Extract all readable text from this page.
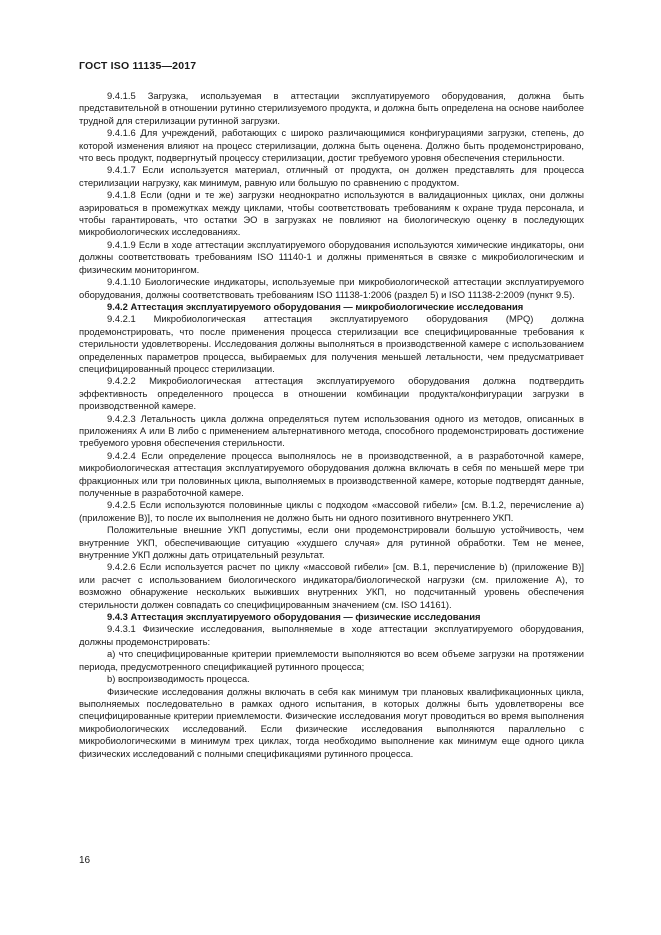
ГОСТ ISO 11135—2017

9.4.1.5 Загрузка, используемая в аттестации эксплуатируемого оборудования, должна быть представительной в отношении рутинно стерилизуемого продукта, и должна быть определена на основе наиболее трудной для стерилизации рутинной загрузки.

9.4.1.6 Для учреждений, работающих с широко различающимися конфигурациями загрузки, степень, до которой изменения влияют на процесс стерилизации, должна быть оценена. Должно быть продемонстрировано, что весь продукт, подвергнутый процессу стерилизации, достиг требуемого уровня обеспечения стерильности.

9.4.1.7 Если используется материал, отличный от продукта, он должен представлять для процесса стерилизации нагрузку, как минимум, равную или большую по сравнению с продуктом.

9.4.1.8 Если (одни и те же) загрузки неоднократно используются в валидационных циклах, они должны аэрироваться в промежутках между циклами, чтобы соответствовать требованиям к охране труда персонала, и чтобы гарантировать, что остатки ЭО в загрузках не повлияют на биологическую оценку в последующих микробиологических исследованиях.

9.4.1.9 Если в ходе аттестации эксплуатируемого оборудования используются химические индикаторы, они должны соответствовать требованиям ISO 11140-1 и должны применяться в связке с микробиологическим и физическим мониторингом.

9.4.1.10 Биологические индикаторы, используемые при микробиологической аттестации эксплуатируемого оборудования, должны соответствовать требованиям ISO 11138-1:2006 (раздел 5) и ISO 11138-2:2009 (пункт 9.5).

9.4.2 Аттестация эксплуатируемого оборудования — микробиологические исследования

9.4.2.1 Микробиологическая аттестация эксплуатируемого оборудования (MPQ) должна продемонстрировать, что после применения процесса стерилизации все специфицированные требования к стерильности удовлетворены. Исследования должны выполняться в производственной камере с использованием определенных параметров процесса, выбираемых для получения меньшей летальности, чем предусматривает специфицированный процесс стерилизации.

9.4.2.2 Микробиологическая аттестация эксплуатируемого оборудования должна подтвердить эффективность определенного процесса в отношении комбинации продукта/конфигурации загрузки в производственной камере.

9.4.2.3 Летальность цикла должна определяться путем использования одного из методов, описанных в приложениях А или В либо с применением альтернативного метода, способного продемонстрировать достижение требуемого уровня обеспечения стерильности.

9.4.2.4 Если определение процесса выполнялось не в производственной, а в разработочной камере, микробиологическая аттестация эксплуатируемого оборудования должна включать в себя по меньшей мере три фракционных или три половинных цикла, выполняемых в производственной камере, которые подтвердят данные, полученные в разработочной камере.

9.4.2.5 Если используются половинные циклы с подходом «массовой гибели» [см. В.1.2, перечисление а) (приложение В)], то после их выполнения не должно быть ни одного позитивного внутреннего УКП.

Положительные внешние УКП допустимы, если они продемонстрировали большую устойчивость, чем внутренние УКП, обеспечивающие ситуацию «худшего случая» для рутинной обработки. Тем не менее, внутренние УКП должны дать отрицательный результат.

9.4.2.6 Если используется расчет по циклу «массовой гибели» [см. В.1, перечисление b) (приложение В)] или расчет с использованием биологического индикатора/биологической нагрузки (см. приложение А), то возможно обнаружение нескольких выживших внутренних УКП, но подсчитанный уровень обеспечения стерильности должен совпадать со специфицированным значением (см. ISO 14161).

9.4.3 Аттестация эксплуатируемого оборудования — физические исследования

9.4.3.1 Физические исследования, выполняемые в ходе аттестации эксплуатируемого оборудования, должны продемонстрировать:

а) что специфицированные критерии приемлемости выполняются во всем объеме загрузки на протяжении периода, предусмотренного спецификацией рутинного процесса;

b) воспроизводимость процесса.

Физические исследования должны включать в себя как минимум три плановых квалификационных цикла, выполняемых последовательно в рамках одного испытания, в которых должны быть удовлетворены все специфицированные критерии приемлемости. Физические исследования могут проводиться во время выполнения микробиологических исследований. Если физические исследования выполняются параллельно с микробиологическими в минимум трех циклах, тогда необходимо выполнение как минимум еще одного цикла физических исследований с полными спецификациями рутинного процесса.

16
